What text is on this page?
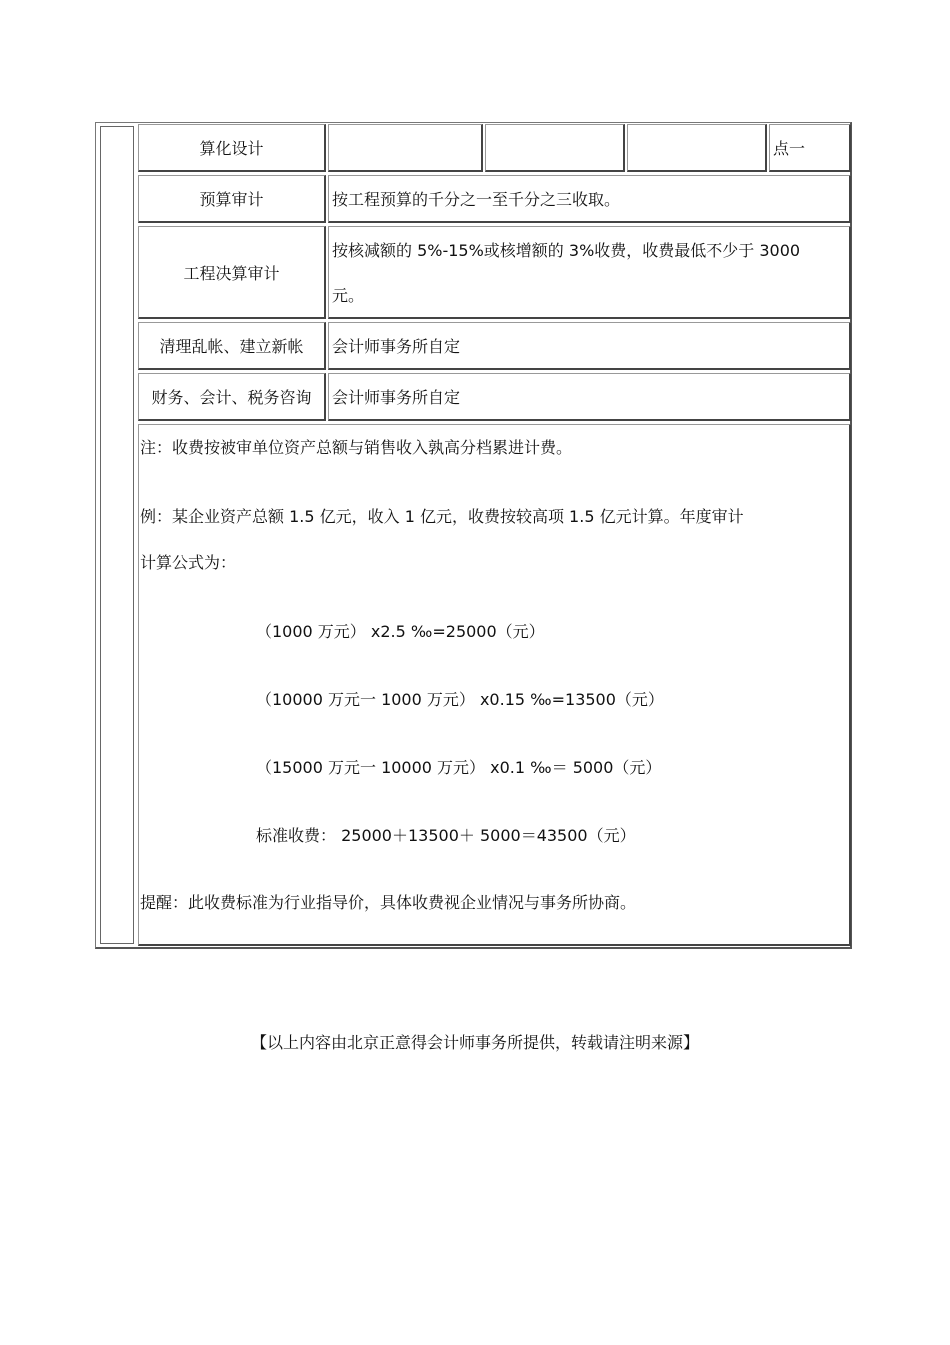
算化设计	点一
预算审计	按工程预算的千分之一至千分之三收取。
工程决算审计
按核减额的 5%-15%或核增额的 3%收费，收费最低不少于 3000
元。
清理乱帐、建立新帐 会计师事务所自定
财务、会计、税务咨询 会计师事务所自定
注：收费按被审单位资产总额与销售收入孰高分档累进计费。
例：某企业资产总额 1.5 亿元，收入 1 亿元，收费按较高项 1.5 亿元计算。年度审计
计算公式为：
（1000 万元） x2.5 ‰=25000（元）
（10000 万元一 1000 万元） x0.15 ‰=13500（元）
（15000 万元一 10000 万元） x0.1 ‰＝ 5000（元）
标准收费： 25000＋13500＋ 5000＝43500（元）
提醒：此收费标准为行业指导价，具体收费视企业情况与事务所协商。
【以上内容由北京正意得会计师事务所提供，转载请注明来源】
